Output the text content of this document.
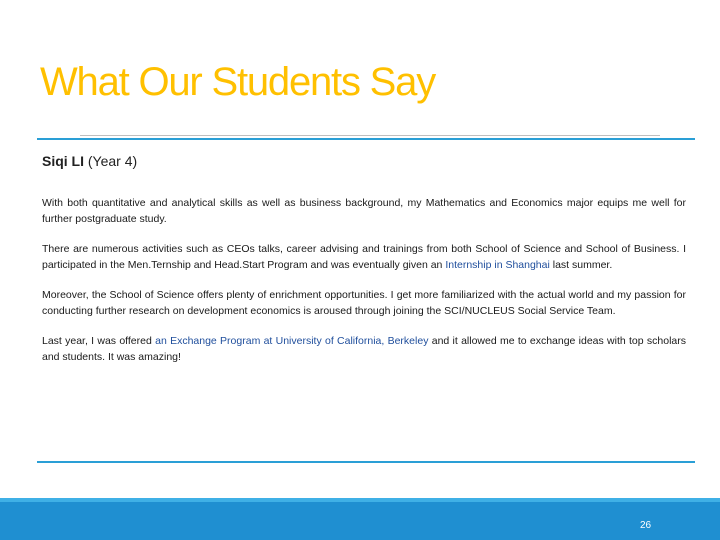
What Our Students Say
Siqi LI (Year 4)

With both quantitative and analytical skills as well as business background, my Mathematics and Economics major equips me well for further postgraduate study.

There are numerous activities such as CEOs talks, career advising and trainings from both School of Science and School of Business. I participated in the Men.Ternship and Head.Start Program and was eventually given an Internship in Shanghai last summer.

Moreover, the School of Science offers plenty of enrichment opportunities. I get more familiarized with the actual world and my passion for conducting further research on development economics is aroused through joining the SCI/NUCLEUS Social Service Team.

Last year, I was offered an Exchange Program at University of California, Berkeley and it allowed me to exchange ideas with top scholars and students. It was amazing!

26
